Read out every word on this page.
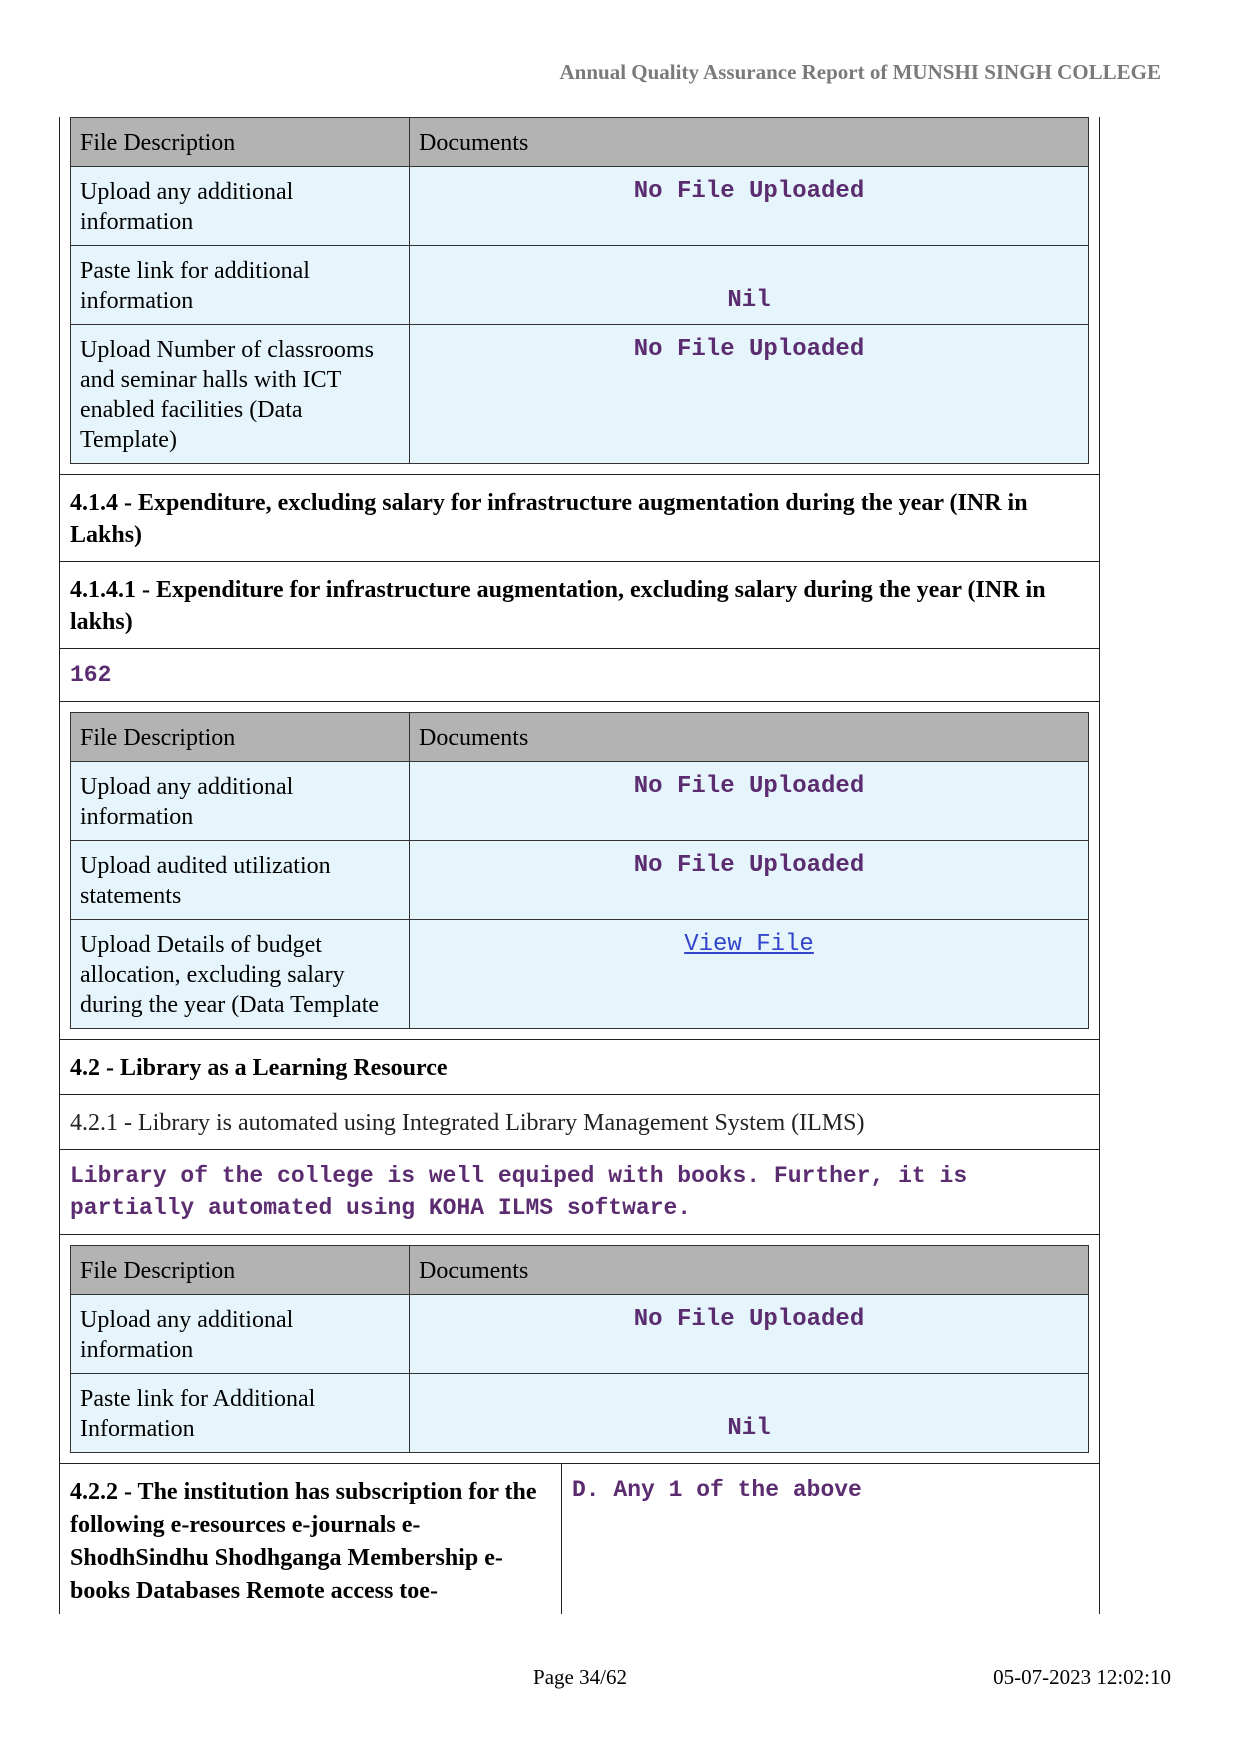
Annual Quality Assurance Report of MUNSHI SINGH COLLEGE
File Description	Documents
Upload any additional information	No File Uploaded
Paste link for additional information	Nil
Upload Number of classrooms and seminar halls with ICT enabled facilities (Data Template)	No File Uploaded
4.1.4 - Expenditure, excluding salary for infrastructure augmentation during the year (INR in Lakhs)
4.1.4.1 - Expenditure for infrastructure augmentation, excluding salary during the year (INR in lakhs)
162
File Description	Documents
Upload any additional information	No File Uploaded
Upload audited utilization statements	No File Uploaded
Upload Details of budget allocation, excluding salary during the year (Data Template	View File
4.2 - Library as a Learning Resource
4.2.1 - Library is automated using Integrated Library Management System (ILMS)
Library of the college is well equiped with books. Further, it is partially automated using KOHA ILMS software.
File Description	Documents
Upload any additional information	No File Uploaded
Paste link for Additional Information	Nil
4.2.2 - The institution has subscription for the following e-resources e-journals e-ShodhSindhu Shodhganga Membership e-books Databases Remote access toe-
D. Any 1 of the above
Page 34/62	05-07-2023 12:02:10
